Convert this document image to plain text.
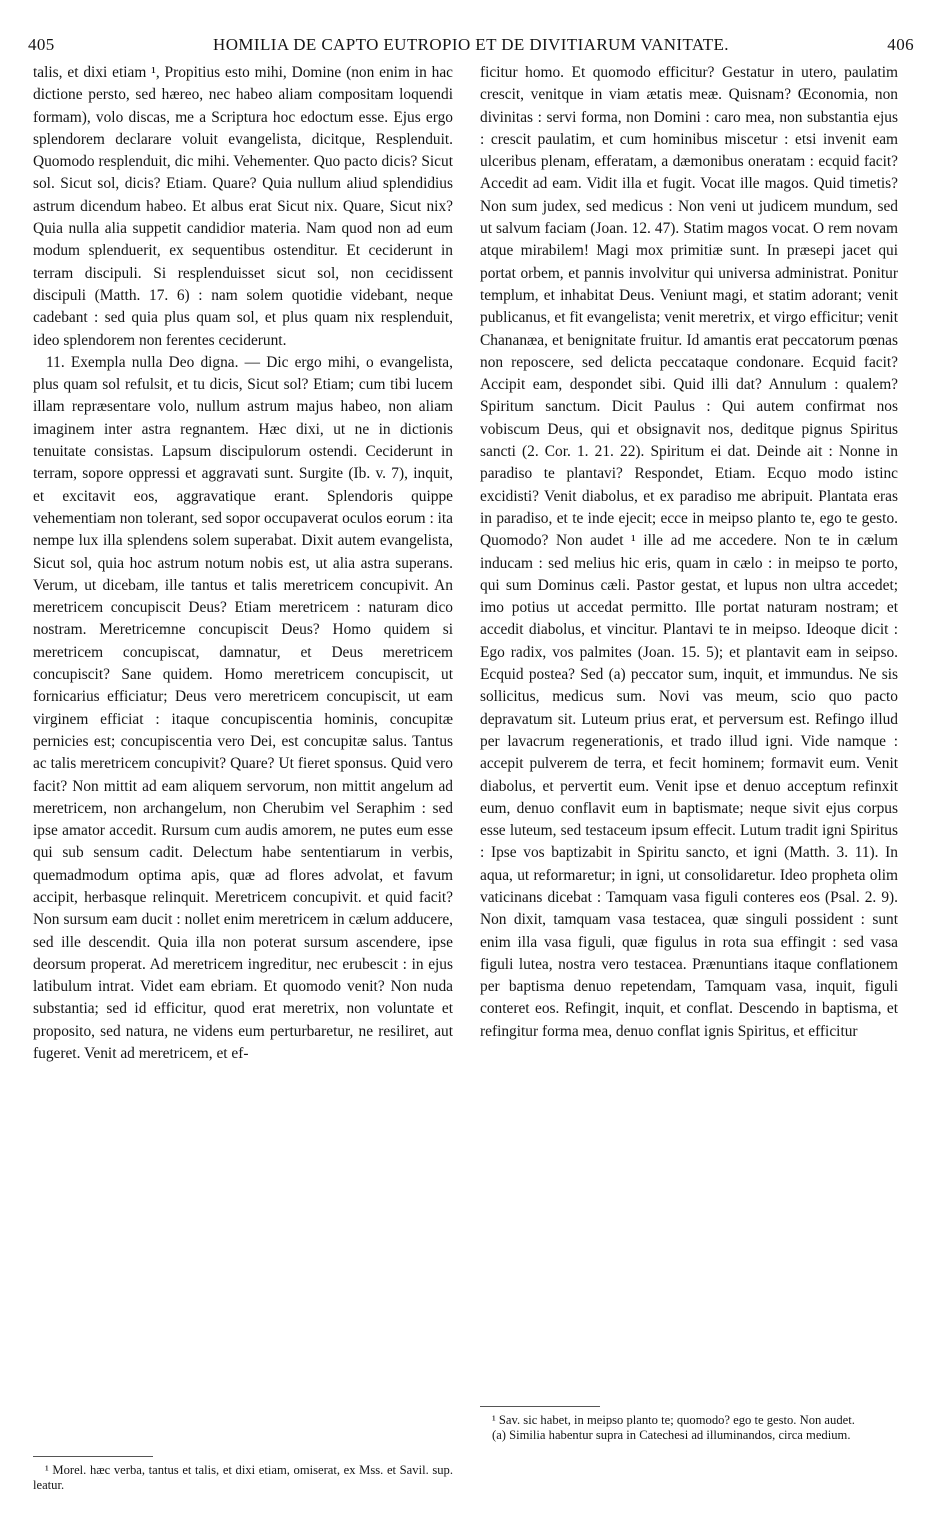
405	HOMILIA DE CAPTO EUTROPIO ET DE DIVITIARUM VANITATE.	406

talis, et dixi etiam ¹, Propitius esto mihi, Domine (non enim in hac dictione persto, sed hæreo, nec habeo aliam compositam loquendi formam), volo discas, me a Scriptura hoc edoctum esse. Ejus ergo splendorem declarare voluit evangelista, dicitque, Resplenduit. Quomodo resplenduit, dic mihi. Vehementer. Quo pacto dicis? Sicut sol. Sicut sol, dicis? Etiam. Quare? Quia nullum aliud splendidius astrum dicendum habeo. Et albus erat Sicut nix. Quare, Sicut nix? Quia nulla alia suppetit candidior materia. Nam quod non ad eum modum splenduerit, ex sequentibus ostenditur. Et ceciderunt in terram discipuli. Si resplenduisset sicut sol, non cecidissent discipuli (Matth. 17. 6) : nam solem quotidie videbant, neque cadebant : sed quia plus quam sol, et plus quam nix resplenduit, ideo splendorem non ferentes ceciderunt.

11. Exempla nulla Deo digna. — Dic ergo mihi, o evangelista, plus quam sol refulsit, et tu dicis, Sicut sol? Etiam; cum tibi lucem illam repræsentare volo, nullum astrum majus habeo, non aliam imaginem inter astra regnantem. Hæc dixi, ut ne in dictionis tenuitate consistas. Lapsum discipulorum ostendi. Ceciderunt in terram, sopore oppressi et aggravati sunt. Surgite (Ib. v. 7), inquit, et excitavit eos, aggravatique erant. Splendoris quippe vehementiam non tolerant, sed sopor occupaverat oculos eorum : ita nempe lux illa splendens solem superabat. Dixit autem evangelista, Sicut sol, quia hoc astrum notum nobis est, ut alia astra superans. Verum, ut dicebam, ille tantus et talis meretricem concupivit. An meretricem concupiscit Deus? Etiam meretricem : naturam dico nostram. Meretricemne concupiscit Deus? Homo quidem si meretricem concupiscat, damnatur, et Deus meretricem concupiscit? Sane quidem. Homo meretricem concupiscit, ut fornicarius efficiatur; Deus vero meretricem concupiscit, ut eam virginem efficiat : itaque concupiscentia hominis, concupitæ pernicies est; concupiscentia vero Dei, est concupitæ salus. Tantus ac talis meretricem concupivit? Quare? Ut fieret sponsus. Quid vero facit? Non mittit ad eam aliquem servorum, non mittit angelum ad meretricem, non archangelum, non Cherubim vel Seraphim : sed ipse amator accedit. Rursum cum audis amorem, ne putes eum esse qui sub sensum cadit. Delectum habe sententiarum in verbis, quemadmodum optima apis, quæ ad flores advolat, et favum accipit, herbasque relinquit. Meretricem concupivit. et quid facit? Non sursum eam ducit : nollet enim meretricem in cælum adducere, sed ille descendit. Quia illa non poterat sursum ascendere, ipse deorsum properat. Ad meretricem ingreditur, nec erubescit : in ejus latibulum intrat. Videt eam ebriam. Et quomodo venit? Non nuda substantia; sed id efficitur, quod erat meretrix, non voluntate et proposito, sed natura, ne videns eum perturbaretur, ne resiliret, aut fugeret. Venit ad meretricem, et ef-

ficitur homo. Et quomodo efficitur? Gestatur in utero, paulatim crescit, venitque in viam ætatis meæ. Quisnam? Œconomia, non divinitas : servi forma, non Domini : caro mea, non substantia ejus : crescit paulatim, et cum hominibus miscetur : etsi invenit eam ulceribus plenam, efferatam, a dæmonibus oneratam : ecquid facit? Accedit ad eam. Vidit illa et fugit. Vocat ille magos. Quid timetis? Non sum judex, sed medicus : Non veni ut judicem mundum, sed ut salvum faciam (Joan. 12. 47). Statim magos vocat. O rem novam atque mirabilem! Magi mox primitiæ sunt. In præsepi jacet qui portat orbem, et pannis involvitur qui universa administrat. Ponitur templum, et inhabitat Deus. Veniunt magi, et statim adorant; venit publicanus, et fit evangelista; venit meretrix, et virgo efficitur; venit Chananæa, et benignitate fruitur. Id amantis erat peccatorum pœnas non reposcere, sed delicta peccataque condonare. Ecquid facit? Accipit eam, despondet sibi. Quid illi dat? Annulum : qualem? Spiritum sanctum. Dicit Paulus : Qui autem confirmat nos vobiscum Deus, qui et obsignavit nos, deditque pignus Spiritus sancti (2. Cor. 1. 21. 22). Spiritum ei dat. Deinde ait : Nonne in paradiso te plantavi? Respondet, Etiam. Ecquo modo istinc excidisti? Venit diabolus, et ex paradiso me abripuit. Plantata eras in paradiso, et te inde ejecit; ecce in meipso planto te, ego te gesto. Quomodo? Non audet ¹ ille ad me accedere. Non te in cælum inducam : sed melius hic eris, quam in cælo : in meipso te porto, qui sum Dominus cæli. Pastor gestat, et lupus non ultra accedet; imo potius ut accedat permitto. Ille portat naturam nostram; et accedit diabolus, et vincitur. Plantavi te in meipso. Ideoque dicit : Ego radix, vos palmites (Joan. 15. 5); et plantavit eam in seipso. Ecquid postea? Sed (a) peccator sum, inquit, et immundus. Ne sis sollicitus, medicus sum. Novi vas meum, scio quo pacto depravatum sit. Luteum prius erat, et perversum est. Refingo illud per lavacrum regenerationis, et trado illud igni. Vide namque : accepit pulverem de terra, et fecit hominem; formavit eum. Venit diabolus, et pervertit eum. Venit ipse et denuo acceptum refinxit eum, denuo conflavit eum in baptismate; neque sivit ejus corpus esse luteum, sed testaceum ipsum effecit. Lutum tradit igni Spiritus : Ipse vos baptizabit in Spiritu sancto, et igni (Matth. 3. 11). In aqua, ut reformaretur; in igni, ut consolidaretur. Ideo propheta olim vaticinans dicebat : Tamquam vasa figuli conteres eos (Psal. 2. 9). Non dixit, tamquam vasa testacea, quæ singuli possident : sunt enim illa vasa figuli, quæ figulus in rota sua effingit : sed vasa figuli lutea, nostra vero testacea. Prænuntians itaque conflationem per baptisma denuo repetendam, Tamquam vasa, inquit, figuli conteret eos. Refingit, inquit, et conflat. Descendo in baptisma, et refingitur forma mea, denuo conflat ignis Spiritus, et efficitur

¹ Morel. hæc verba, tantus et talis, et dixi etiam, omiserat, ex Mss. et Savil. sup. leatur.

¹ Sav. sic habet, in meipso planto te; quomodo? ego te gesto. Non audet.

(a) Similia habentur supra in Catechesi ad illuminandos, circa medium.
